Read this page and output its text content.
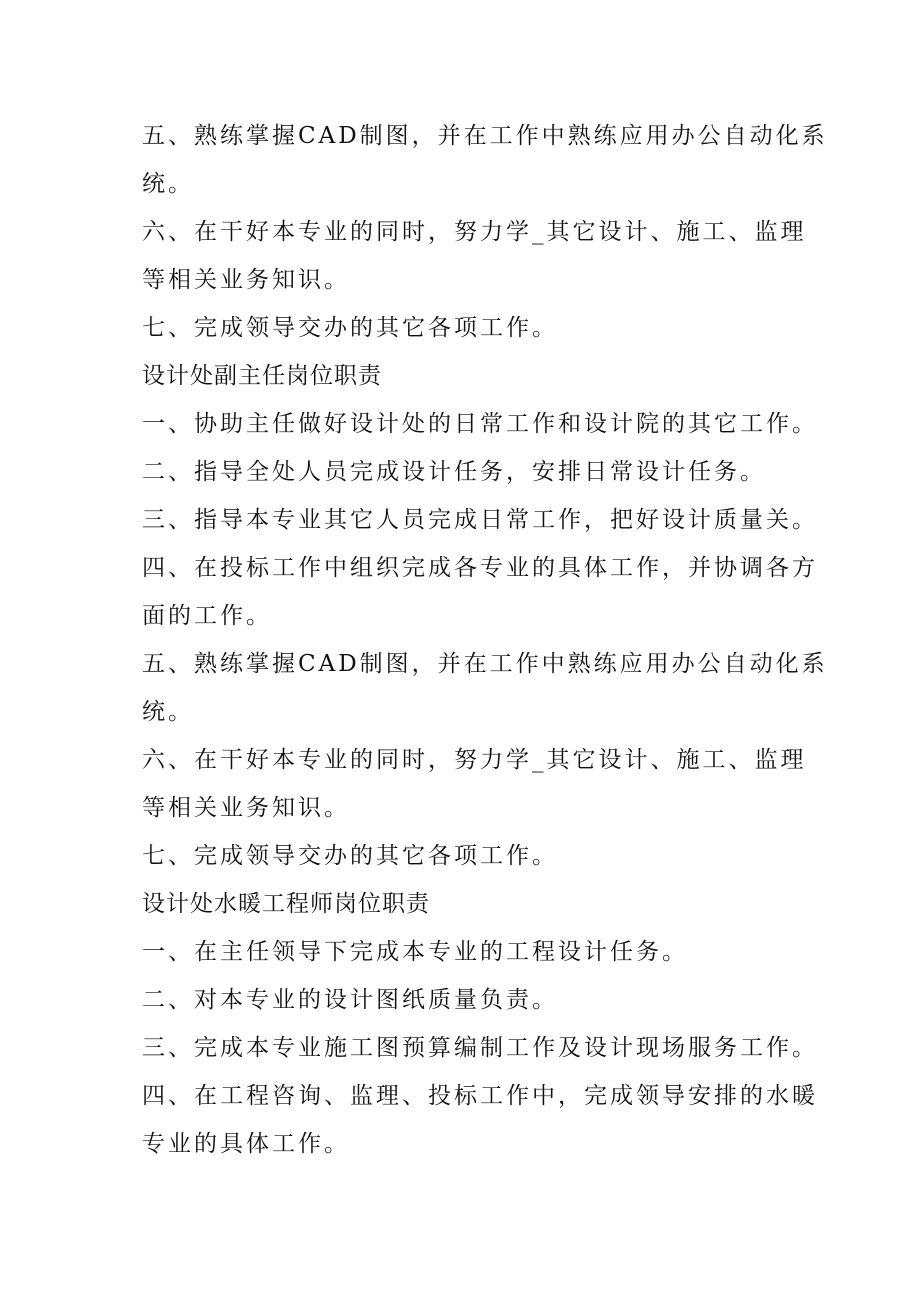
五、熟练掌握CAD制图，并在工作中熟练应用办公自动化系
统。
六、在干好本专业的同时，努力学_其它设计、施工、监理
等相关业务知识。
七、完成领导交办的其它各项工作。
设计处副主任岗位职责
一、协助主任做好设计处的日常工作和设计院的其它工作。
二、指导全处人员完成设计任务，安排日常设计任务。
三、指导本专业其它人员完成日常工作，把好设计质量关。
四、在投标工作中组织完成各专业的具体工作，并协调各方
面的工作。
五、熟练掌握CAD制图，并在工作中熟练应用办公自动化系
统。
六、在干好本专业的同时，努力学_其它设计、施工、监理
等相关业务知识。
七、完成领导交办的其它各项工作。
设计处水暖工程师岗位职责
一、在主任领导下完成本专业的工程设计任务。
二、对本专业的设计图纸质量负责。
三、完成本专业施工图预算编制工作及设计现场服务工作。
四、在工程咨询、监理、投标工作中，完成领导安排的水暖
专业的具体工作。
